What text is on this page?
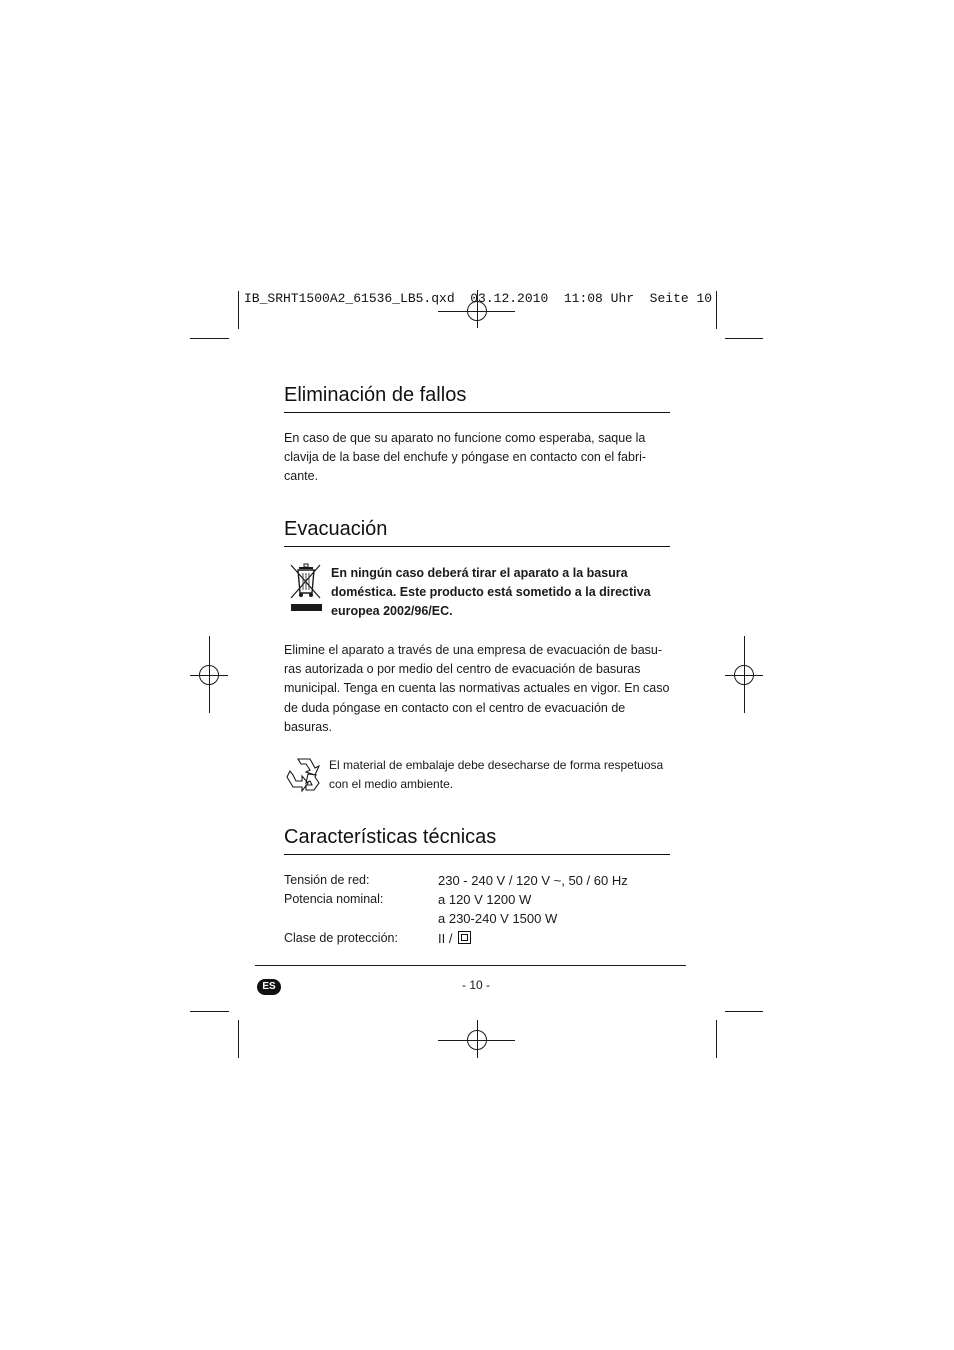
IB_SRHT1500A2_61536_LB5.qxd  03.12.2010  11:08 Uhr  Seite 10
Eliminación de fallos
En caso de que su aparato no funcione como esperaba, saque la
clavija de la base del enchufe y póngase en contacto con el fabri-
cante.
Evacuación
En ningún caso deberá tirar el aparato a la basura
doméstica. Este producto está sometido a la directiva
europea 2002/96/EC.
Elimine el aparato a través de una empresa de evacuación de basu-
ras autorizada o por medio del centro de evacuación de basuras
municipal. Tenga en cuenta las normativas actuales en vigor. En caso
de duda póngase en contacto con el centro de evacuación de
basuras.
El material de embalaje debe desecharse de forma respetuosa
con el medio ambiente.
Características técnicas
Tensión de red:	230 - 240 V / 120 V ~, 50 / 60 Hz
Potencia nominal:	a 120 V 1200 W
a 230-240 V 1500 W
Clase de protección:	II /
ES	- 10 -
